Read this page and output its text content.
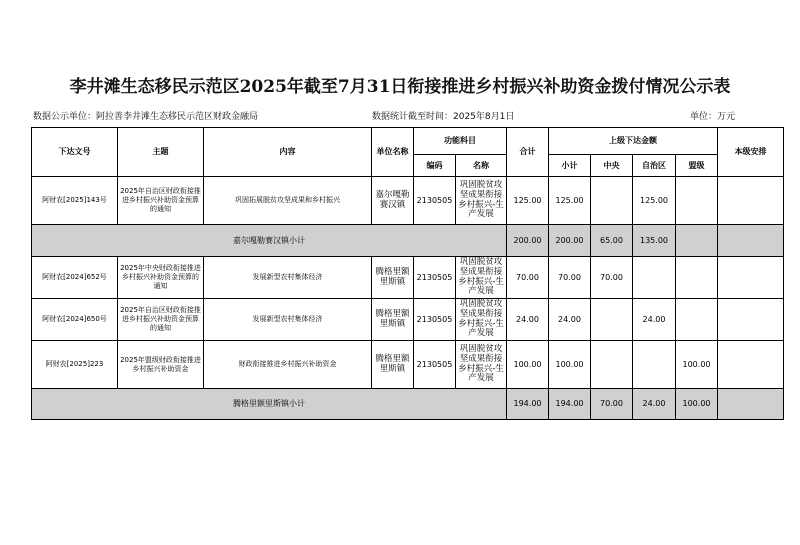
李井滩生态移民示范区2025年截至7月31日衔接推进乡村振兴补助资金拨付情况公示表
数据公示单位：阿拉善李井滩生态移民示范区财政金融局	数据统计截至时间：2025年8月1日	单位：万元
下达文号	主题	内容	单位名称	功能科目		合计	上级下达金额				本级安排
				编码	名称		小计	中央	自治区	盟级	
阿财农[2025]143号	2025年自治区财政衔接推进乡村振兴补助资金预算的通知	巩固拓展脱贫攻坚成果和乡村振兴	嘉尔嘎勒赛汉镇	2130505	巩固脱贫攻坚成果衔接乡村振兴-生产发展	125.00	125.00		125.00		
嘉尔嘎勒赛汉镇小计						200.00	200.00	65.00	135.00		
阿财农[2024]652号	2025年中央财政衔接推进乡村振兴补助资金预算的通知	发展新型农村集体经济	腾格里额里斯镇	2130505	巩固脱贫攻坚成果衔接乡村振兴-生产发展	70.00	70.00	70.00			
阿财农[2024]650号	2025年自治区财政衔接推进乡村振兴补助资金预算的通知	发展新型农村集体经济	腾格里额里斯镇	2130505	巩固脱贫攻坚成果衔接乡村振兴-生产发展	24.00	24.00		24.00		
阿财农[2025]223	2025年盟级财政衔接推进乡村振兴补助资金	财政衔接推进乡村振兴补助资金	腾格里额里斯镇	2130505	巩固脱贫攻坚成果衔接乡村振兴-生产发展	100.00	100.00			100.00	
腾格里额里斯镇小计						194.00	194.00	70.00	24.00	100.00	
